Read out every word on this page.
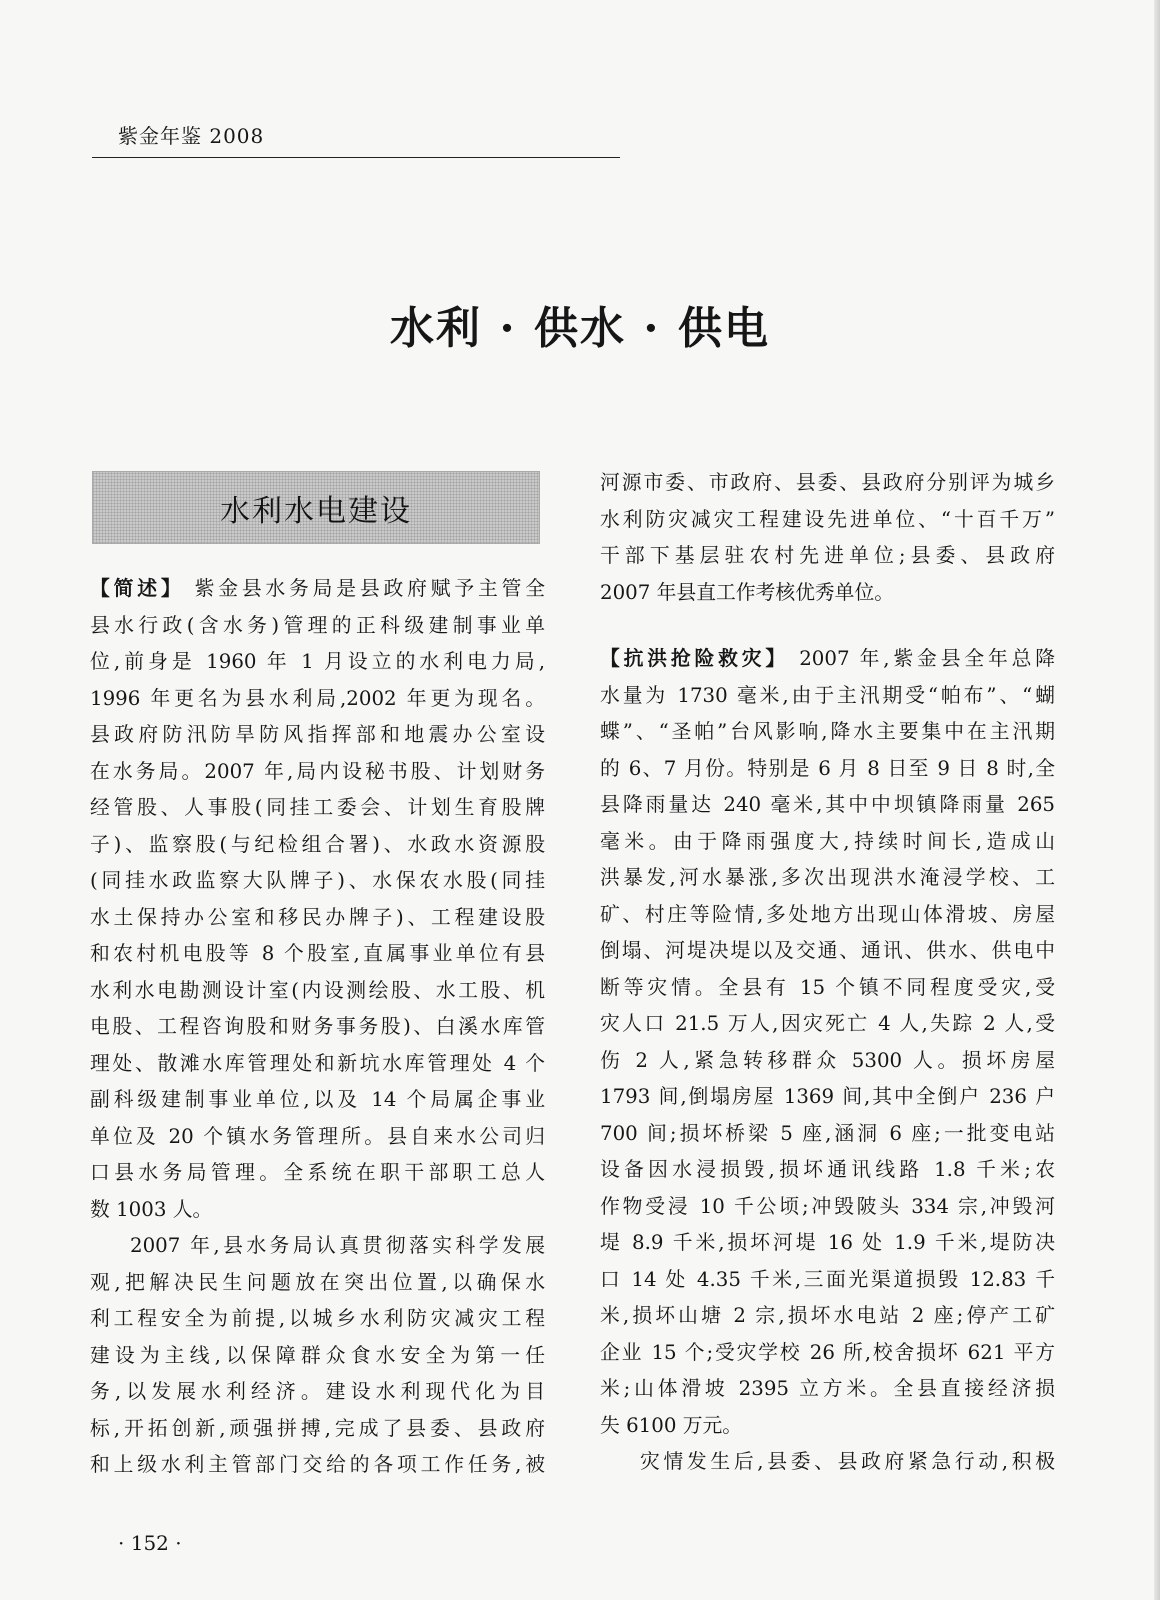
紫金年鉴 2008
水利 · 供水 · 供电
水利水电建设
【简述】 紫金县水务局是县政府赋予主管全
县水行政(含水务)管理的正科级建制事业单
位,前身是 1960 年 1 月设立的水利电力局,
1996 年更名为县水利局,2002 年更为现名。
县政府防汛防旱防风指挥部和地震办公室设
在水务局。2007 年,局内设秘书股、计划财务
经管股、人事股(同挂工委会、计划生育股牌
子)、监察股(与纪检组合署)、水政水资源股
(同挂水政监察大队牌子)、水保农水股(同挂
水土保持办公室和移民办牌子)、工程建设股
和农村机电股等 8 个股室,直属事业单位有县
水利水电勘测设计室(内设测绘股、水工股、机
电股、工程咨询股和财务事务股)、白溪水库管
理处、散滩水库管理处和新坑水库管理处 4 个
副科级建制事业单位,以及 14 个局属企事业
单位及 20 个镇水务管理所。县自来水公司归
口县水务局管理。全系统在职干部职工总人
数 1003 人。
2007 年,县水务局认真贯彻落实科学发展
观,把解决民生问题放在突出位置,以确保水
利工程安全为前提,以城乡水利防灾减灾工程
建设为主线,以保障群众食水安全为第一任
务,以发展水利经济。建设水利现代化为目
标,开拓创新,顽强拼搏,完成了县委、县政府
和上级水利主管部门交给的各项工作任务,被
河源市委、市政府、县委、县政府分别评为城乡
水利防灾减灾工程建设先进单位、“十百千万”
干部下基层驻农村先进单位;县委、县政府
2007 年县直工作考核优秀单位。
【抗洪抢险救灾】 2007 年,紫金县全年总降
水量为 1730 毫米,由于主汛期受“帕布”、“蝴
蝶”、“圣帕”台风影响,降水主要集中在主汛期
的 6、7 月份。特别是 6 月 8 日至 9 日 8 时,全
县降雨量达 240 毫米,其中中坝镇降雨量 265
毫米。由于降雨强度大,持续时间长,造成山
洪暴发,河水暴涨,多次出现洪水淹浸学校、工
矿、村庄等险情,多处地方出现山体滑坡、房屋
倒塌、河堤决堤以及交通、通讯、供水、供电中
断等灾情。全县有 15 个镇不同程度受灾,受
灾人口 21.5 万人,因灾死亡 4 人,失踪 2 人,受
伤 2 人,紧急转移群众 5300 人。损坏房屋
1793 间,倒塌房屋 1369 间,其中全倒户 236 户
700 间;损坏桥梁 5 座,涵洞 6 座;一批变电站
设备因水浸损毁,损坏通讯线路 1.8 千米;农
作物受浸 10 千公顷;冲毁陂头 334 宗,冲毁河
堤 8.9 千米,损坏河堤 16 处 1.9 千米,堤防决
口 14 处 4.35 千米,三面光渠道损毁 12.83 千
米,损坏山塘 2 宗,损坏水电站 2 座;停产工矿
企业 15 个;受灾学校 26 所,校舍损坏 621 平方
米;山体滑坡 2395 立方米。全县直接经济损
失 6100 万元。
灾情发生后,县委、县政府紧急行动,积极
· 152 ·
